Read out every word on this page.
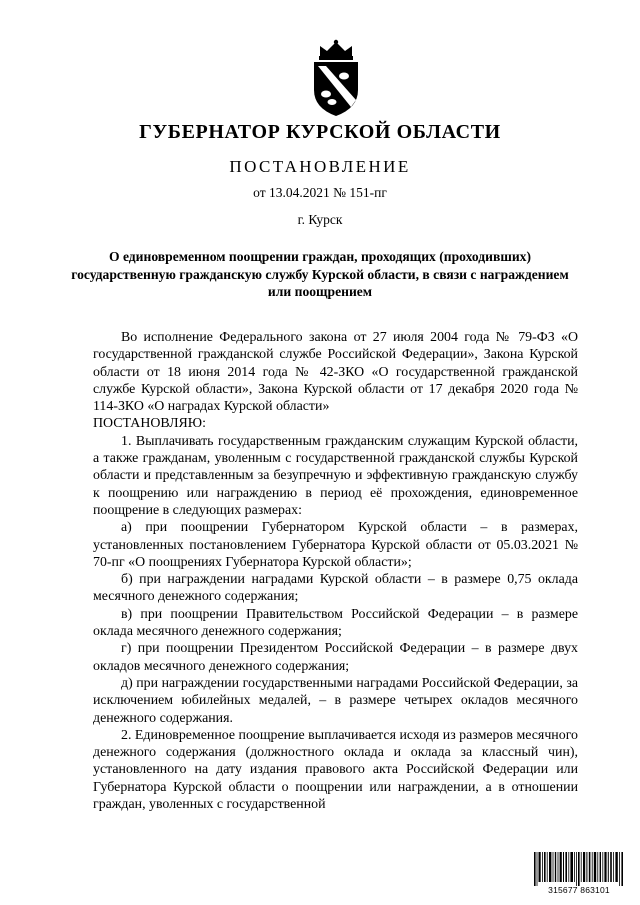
ГУБЕРНАТОР КУРСКОЙ ОБЛАСТИ
ПОСТАНОВЛЕНИЕ
от 13.04.2021 № 151-пг
г. Курск
О единовременном поощрении граждан, проходящих (проходивших) государственную гражданскую службу Курской области, в связи с награждением или поощрением

Во исполнение Федерального закона от 27 июля 2004 года № 79-ФЗ «О государственной гражданской службе Российской Федерации», Закона Курской области от 18 июня 2014 года № 42-ЗКО «О государственной гражданской службе Курской области», Закона Курской области от 17 декабря 2020 года № 114-ЗКО «О наградах Курской области»

ПОСТАНОВЛЯЮ:

1. Выплачивать государственным гражданским служащим Курской области, а также гражданам, уволенным с государственной гражданской службы Курской области и представленным за безупречную и эффективную гражданскую службу к поощрению или награждению в период её прохождения, единовременное поощрение в следующих размерах:

а) при поощрении Губернатором Курской области – в размерах, установленных постановлением Губернатора Курской области от 05.03.2021 № 70-пг «О поощрениях Губернатора Курской области»;

б) при награждении наградами Курской области – в размере 0,75 оклада месячного денежного содержания;

в) при поощрении Правительством Российской Федерации – в размере оклада месячного денежного содержания;

г) при поощрении Президентом Российской Федерации – в размере двух окладов месячного денежного содержания;

д) при награждении государственными наградами Российской Федерации, за исключением юбилейных медалей, – в размере четырех окладов месячного денежного содержания.

2. Единовременное поощрение выплачивается исходя из размеров месячного денежного содержания (должностного оклада и оклада за классный чин), установленного на дату издания правового акта Российской Федерации или Губернатора Курской области о поощрении или награждении, а в отношении граждан, уволенных с государственной

315677 863101
